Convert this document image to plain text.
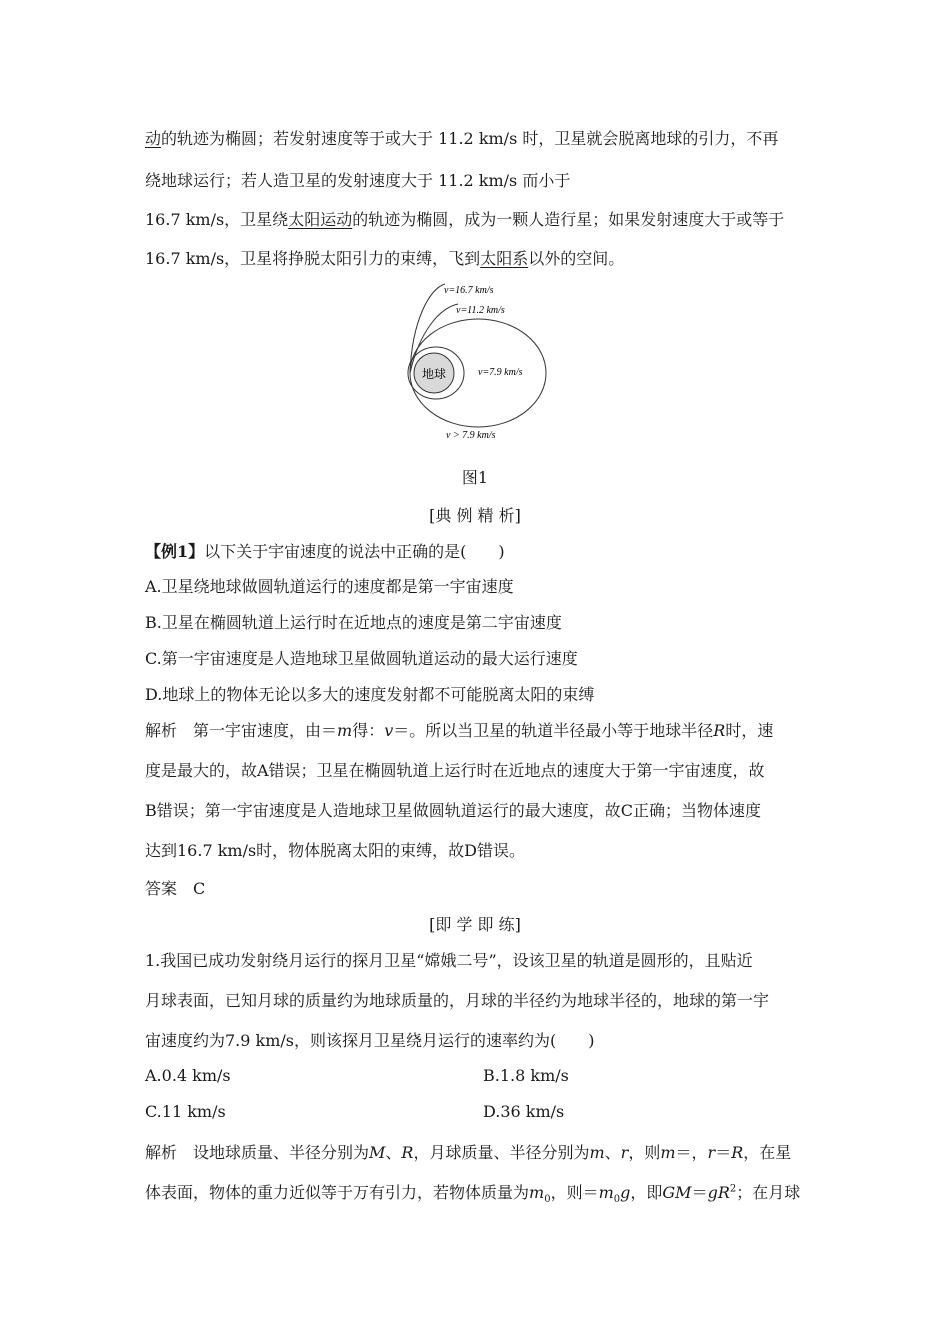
动的轨迹为椭圆；若发射速度等于或大于 11.2 km/s 时，卫星就会脱离地球的引力，不再
绕地球运行；若人造卫星的发射速度大于 11.2 km/s 而小于
16.7 km/s，卫星绕太阳运动的轨迹为椭圆，成为一颗人造行星；如果发射速度大于或等于
16.7 km/s，卫星将挣脱太阳引力的束缚，飞到太阳系以外的空间。
地球
v=16.7 km/s
v=11.2 km/s
v=7.9 km/s
v > 7.9 km/s
图1
[典 例 精 析]
【例1】以下关于宇宙速度的说法中正确的是(　　)
A.卫星绕地球做圆轨道运行的速度都是第一宇宙速度
B.卫星在椭圆轨道上运行时在近地点的速度是第二宇宙速度
C.第一宇宙速度是人造地球卫星做圆轨道运动的最大运行速度
D.地球上的物体无论以多大的速度发射都不可能脱离太阳的束缚
解析　第一宇宙速度，由＝m得：v＝。所以当卫星的轨道半径最小等于地球半径R时，速
度是最大的，故A错误；卫星在椭圆轨道上运行时在近地点的速度大于第一宇宙速度，故
B错误；第一宇宙速度是人造地球卫星做圆轨道运行的最大速度，故C正确；当物体速度
达到16.7 km/s时，物体脱离太阳的束缚，故D错误。
答案　C
[即 学 即 练]
1.我国已成功发射绕月运行的探月卫星“嫦娥二号”，设该卫星的轨道是圆形的，且贴近
月球表面，已知月球的质量约为地球质量的，月球的半径约为地球半径的，地球的第一宇
宙速度约为7.9 km/s，则该探月卫星绕月运行的速率约为(　　)
A.0.4 km/s	B.1.8 km/s
C.11 km/s	D.36 km/s
解析　设地球质量、半径分别为M、R，月球质量、半径分别为m、r，则m＝，r＝R，在星
体表面，物体的重力近似等于万有引力，若物体质量为$m_0$，则$=m_0g$，即$GM=gR^2$；在月球
